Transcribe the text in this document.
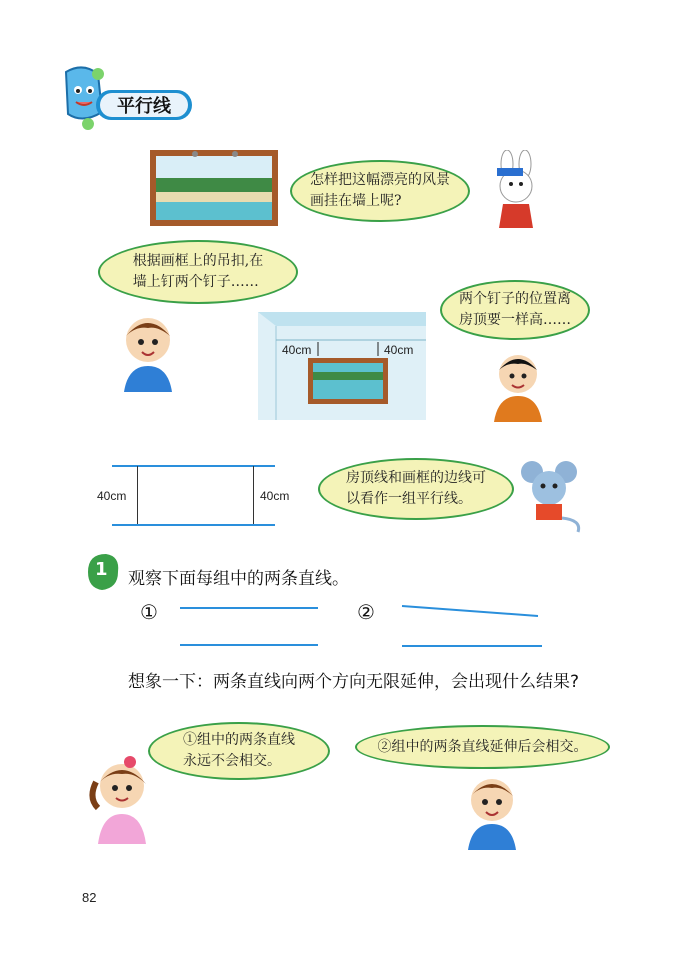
平行线
怎样把这幅漂亮的风景
画挂在墙上呢?
根据画框上的吊扣,在
墙上钉两个钉子……
40cm	40cm
两个钉子的位置离
房顶要一样高……
40cm	40cm
房顶线和画框的边线可
以看作一组平行线。
1 观察下面每组中的两条直线。
①	②
想象一下：两条直线向两个方向无限延伸，会出现什么结果?
①组中的两条直线
永远不会相交。
②组中的两条直线延伸后会相交。
82
